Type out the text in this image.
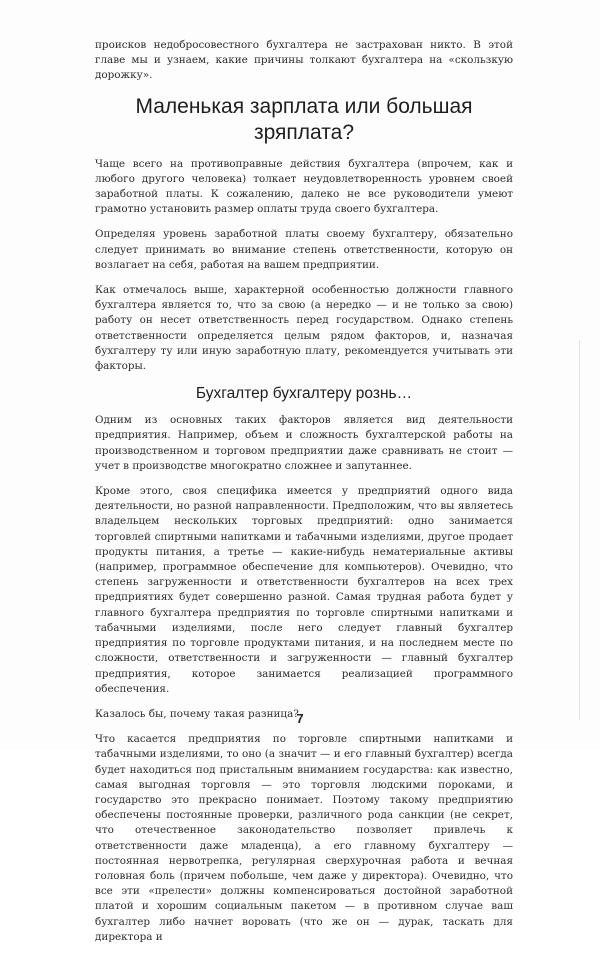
происков недобросовестного бухгалтера не застрахован никто. В этой главе мы и узнаем, какие причины толкают бухгалтера на «скользкую дорожку».

Маленькая зарплата или большая зряплата?

Чаще всего на противоправные действия бухгалтера (впрочем, как и любого другого человека) толкает неудовлетворенность уровнем своей заработной платы. К сожалению, далеко не все руководители умеют грамотно установить размер оплаты труда своего бухгалтера.

Определяя уровень заработной платы своему бухгалтеру, обязательно следует принимать во внимание степень ответственности, которую он возлагает на себя, работая на вашем предприятии.

Как отмечалось выше, характерной особенностью должности главного бухгалтера является то, что за свою (а нередко — и не только за свою) работу он несет ответственность перед государством. Однако степень ответственности определяется целым рядом факторов, и, назначая бухгалтеру ту или иную заработную плату, рекомендуется учитывать эти факторы.

Бухгалтер бухгалтеру рознь…

Одним из основных таких факторов является вид деятельности предприятия. Например, объем и сложность бухгалтерской работы на производственном и торговом предприятии даже сравнивать не стоит — учет в производстве многократно сложнее и запутаннее.

Кроме этого, своя специфика имеется у предприятий одного вида деятельности, но разной направленности. Предположим, что вы являетесь владельцем нескольких торговых предприятий: одно занимается торговлей спиртными напитками и табачными изделиями, другое продает продукты питания, а третье — какие-нибудь нематериальные активы (например, программное обеспечение для компьютеров). Очевидно, что степень загруженности и ответственности бухгалтеров на всех трех предприятиях будет совершенно разной. Самая трудная работа будет у главного бухгалтера предприятия по торговле спиртными напитками и табачными изделиями, после него следует главный бухгалтер предприятия по торговле продуктами питания, и на последнем месте по сложности, ответственности и загруженности — главный бухгалтер предприятия, которое занимается реализацией программного обеспечения.

Казалось бы, почему такая разница?

Что касается предприятия по торговле спиртными напитками и табачными изделиями, то оно (а значит — и его главный бухгалтер) всегда будет находиться под пристальным вниманием государства: как известно, самая выгодная торговля — это торговля людскими пороками, и государство это прекрасно понимает. Поэтому такому предприятию обеспечены постоянные проверки, различного рода санкции (не секрет, что отечественное законодательство позволяет привлечь к ответственности даже младенца), а его главному бухгалтеру — постоянная нервотрепка, регулярная сверхурочная работа и вечная головная боль (причем побольше, чем даже у директора). Очевидно, что все эти «прелести» должны компенсироваться достойной заработной платой и хорошим социальным пакетом — в противном случае ваш бухгалтер либо начнет воровать (что же он — дурак, таскать для директора и

7
